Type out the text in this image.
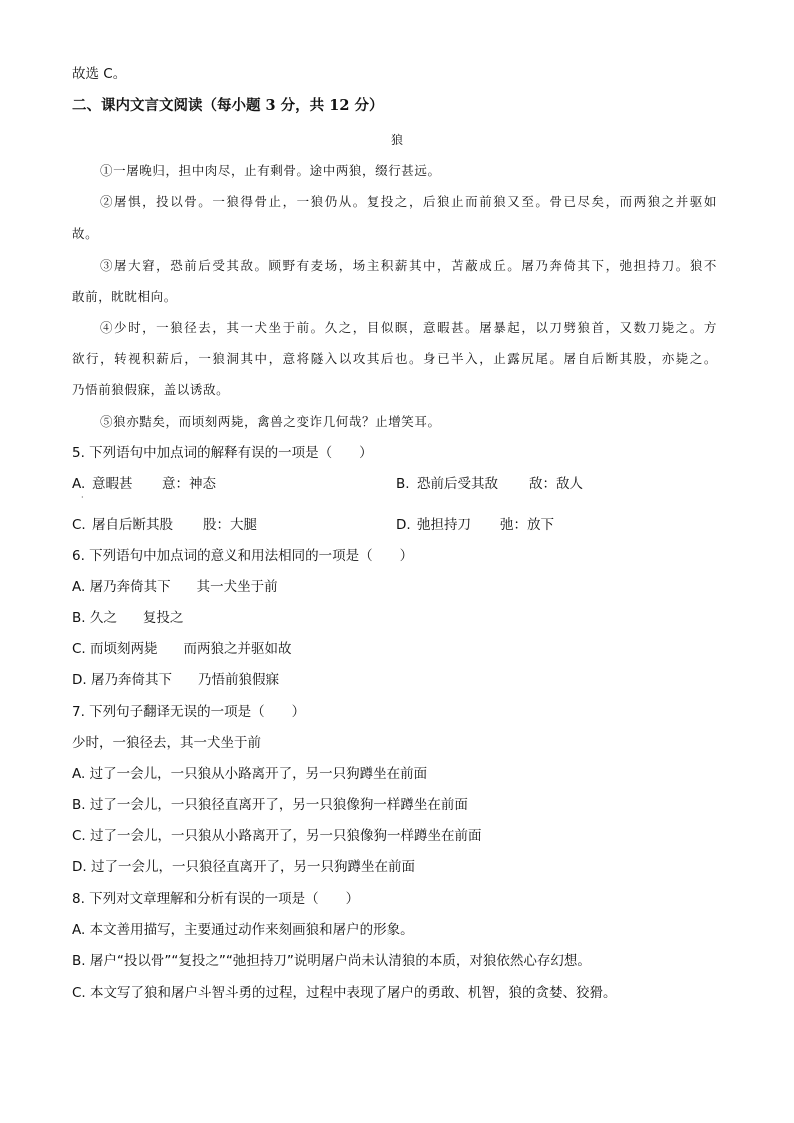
故选 C。
二、课内文言文阅读（每小题 3 分，共 12 分）
狼
①一屠晚归，担中肉尽，止有剩骨。途中两狼，缀行甚远。
②屠惧，投以骨。一狼得骨止，一狼仍从。复投之，后狼止而前狼又至。骨已尽矣，而两狼之并驱如
故。
③屠大窘，恐前后受其敌。顾野有麦场，场主积薪其中，苫蔽成丘。屠乃奔倚其下，弛担持刀。狼不
敢前，眈眈相向。
④少时，一狼径去，其一犬坐于前。久之，目似瞑，意暇甚。屠暴起，以刀劈狼首，又数刀毙之。方
欲行，转视积薪后，一狼洞其中，意将隧入以攻其后也。身已半入，止露尻尾。屠自后断其股，亦毙之。
乃悟前狼假寐，盖以诱敌。
⑤狼亦黠矣，而顷刻两毙，禽兽之变诈几何哉？止增笑耳。
5. 下列语句中加点词的解释有误的一项是（　　）
A. 意暇甚 意：神态	B. 恐前后受其敌 敌：敌人
·
C. 屠自后断其股 股：大腿	D. 弛担持刀 弛：放下
6. 下列语句中加点词的意义和用法相同的一项是（　　）
A. 屠乃奔倚其下 其一犬坐于前
B. 久之 复投之
C. 而顷刻两毙 而两狼之并驱如故
D. 屠乃奔倚其下 乃悟前狼假寐
7. 下列句子翻译无误的一项是（　　）
少时，一狼径去，其一犬坐于前
A. 过了一会儿，一只狼从小路离开了，另一只狗蹲坐在前面
B. 过了一会儿，一只狼径直离开了，另一只狼像狗一样蹲坐在前面
C. 过了一会儿，一只狼从小路离开了，另一只狼像狗一样蹲坐在前面
D. 过了一会儿，一只狼径直离开了，另一只狗蹲坐在前面
8. 下列对文章理解和分析有误的一项是（　　）
A. 本文善用描写，主要通过动作来刻画狼和屠户的形象。
B. 屠户“投以骨”“复投之”“弛担持刀”说明屠户尚未认清狼的本质，对狼依然心存幻想。
C. 本文写了狼和屠户斗智斗勇的过程，过程中表现了屠户的勇敢、机智，狼的贪婪、狡猾。
